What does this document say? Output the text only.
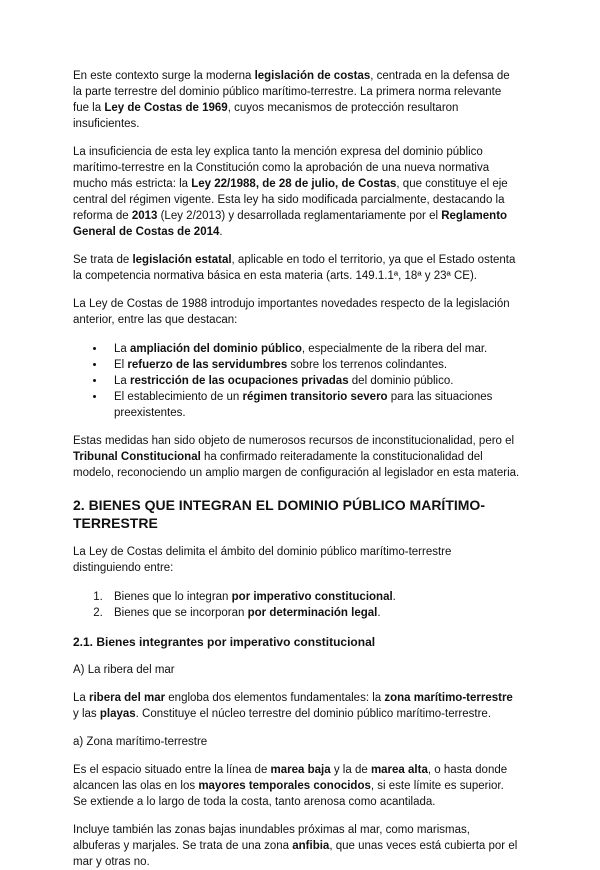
En este contexto surge la moderna legislación de costas, centrada en la defensa de la parte terrestre del dominio público marítimo-terrestre. La primera norma relevante fue la Ley de Costas de 1969, cuyos mecanismos de protección resultaron insuficientes.

La insuficiencia de esta ley explica tanto la mención expresa del dominio público marítimo-terrestre en la Constitución como la aprobación de una nueva normativa mucho más estricta: la Ley 22/1988, de 28 de julio, de Costas, que constituye el eje central del régimen vigente. Esta ley ha sido modificada parcialmente, destacando la reforma de 2013 (Ley 2/2013) y desarrollada reglamentariamente por el Reglamento General de Costas de 2014.

Se trata de legislación estatal, aplicable en todo el territorio, ya que el Estado ostenta la competencia normativa básica en esta materia (arts. 149.1.1ª, 18ª y 23ª CE).

La Ley de Costas de 1988 introdujo importantes novedades respecto de la legislación anterior, entre las que destacan:

• La ampliación del dominio público, especialmente de la ribera del mar.
• El refuerzo de las servidumbres sobre los terrenos colindantes.
• La restricción de las ocupaciones privadas del dominio público.
• El establecimiento de un régimen transitorio severo para las situaciones preexistentes.

Estas medidas han sido objeto de numerosos recursos de inconstitucionalidad, pero el Tribunal Constitucional ha confirmado reiteradamente la constitucionalidad del modelo, reconociendo un amplio margen de configuración al legislador en esta materia.

2. BIENES QUE INTEGRAN EL DOMINIO PÚBLICO MARÍTIMO-TERRESTRE

La Ley de Costas delimita el ámbito del dominio público marítimo-terrestre distinguiendo entre:

1. Bienes que lo integran por imperativo constitucional.
2. Bienes que se incorporan por determinación legal.
2.1. Bienes integrantes por imperativo constitucional

A) La ribera del mar

La ribera del mar engloba dos elementos fundamentales: la zona marítimo-terrestre y las playas. Constituye el núcleo terrestre del dominio público marítimo-terrestre.

a) Zona marítimo-terrestre

Es el espacio situado entre la línea de marea baja y la de marea alta, o hasta donde alcancen las olas en los mayores temporales conocidos, si este límite es superior. Se extiende a lo largo de toda la costa, tanto arenosa como acantilada.

Incluye también las zonas bajas inundables próximas al mar, como marismas, albuferas y marjales. Se trata de una zona anfibia, que unas veces está cubierta por el mar y otras no.
